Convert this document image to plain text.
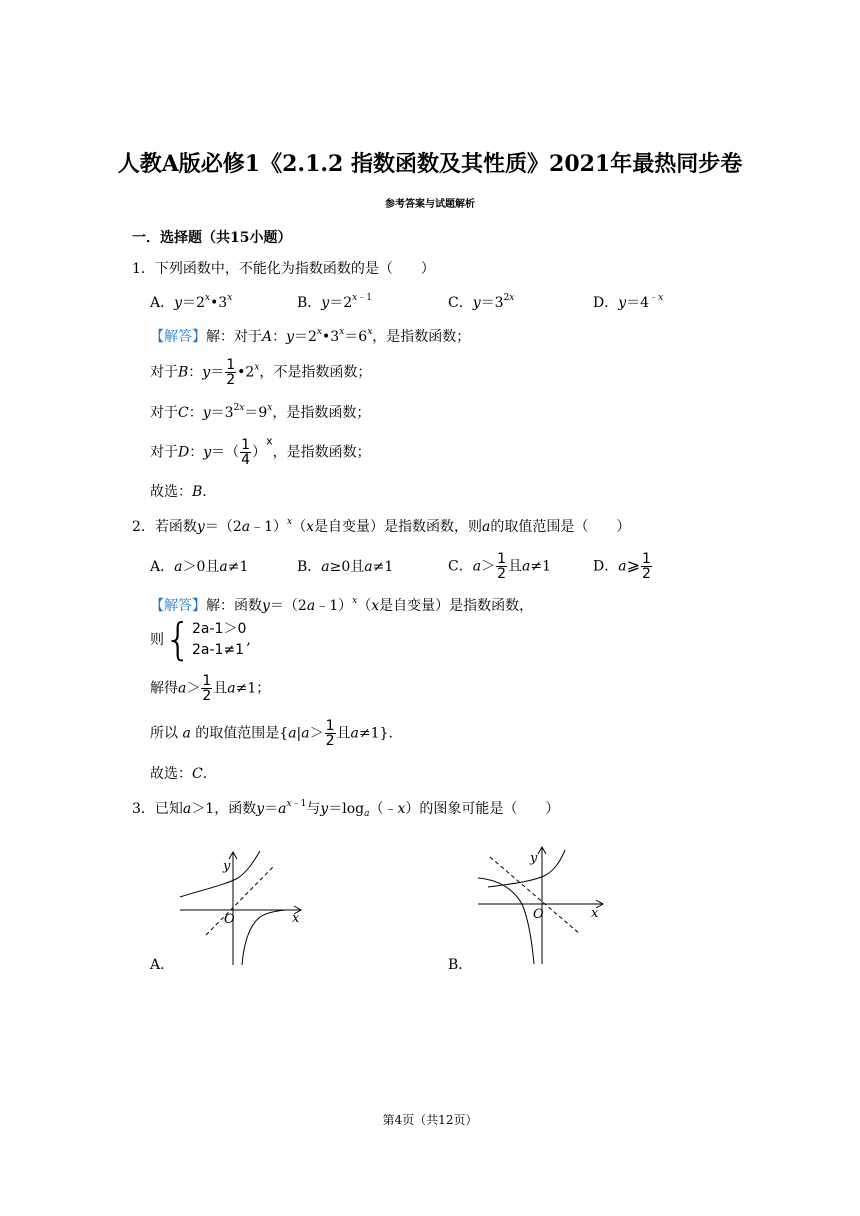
人教A版必修1《2.1.2 指数函数及其性质》2021年最热同步卷
参考答案与试题解析
一．选择题（共15小题）
1．下列函数中，不能化为指数函数的是（　　）
A．$y=2^x•3^x$	B．$y=2^{x﹣1}$	C．$y=3^{2x}$	D．$y=4^{﹣x}$
【解答】解：对于A：$y=2^x•3^x=6^x$，是指数函数；
对于B：$y= \frac{1}{2}$ •2$^x$，不是指数函数；
对于C：$y=3^{2x}=9^x$，是指数函数；
对于D：$y=( \frac{1}{4} )^x$，是指数函数；
故选：B.
2．若函数y＝（2a﹣1）$^x$（x是自变量）是指数函数，则a的取值范围是（　　）
A．a＞0且a≠1	B．a≥0且a≠1	C．$a> \frac{1}{2}$ 且a≠1	D．a⩾ $\frac{1}{2}$
【解答】解：函数y＝（2a﹣1）$^x$（x是自变量）是指数函数，
则{ 2a-1＞0
2a-1≠1
,
解得$a> \frac{1}{2}$ 且a≠1；
所以 a 的取值范围是{$a|a> \frac{1}{2}$ 且a≠1}.
故选：C.
3．已知a＞1，函数$y=a^{x﹣1}$与$y=\log_a(﹣x)$的图象可能是（　　）
y
x
O
A．
y
x
O
B．
第4页（共12页）
